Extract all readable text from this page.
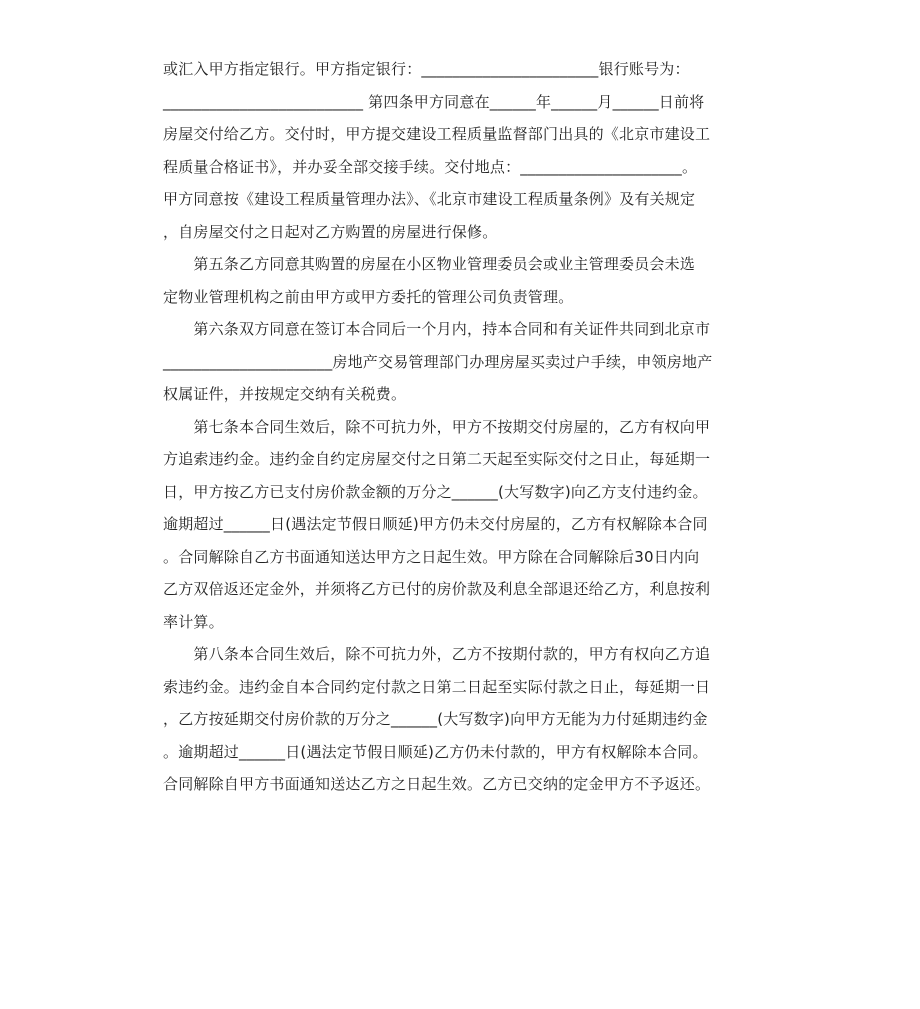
或汇入甲方指定银行。甲方指定银行：_______________________银行账号为：
__________________________ 第四条甲方同意在______年______月______日前将
房屋交付给乙方。交付时，甲方提交建设工程质量监督部门出具的《北京市建设工
程质量合格证书》，并办妥全部交接手续。交付地点：_____________________。
甲方同意按《建设工程质量管理办法》、《北京市建设工程质量条例》及有关规定
，自房屋交付之日起对乙方购置的房屋进行保修。
　　第五条乙方同意其购置的房屋在小区物业管理委员会或业主管理委员会未选
定物业管理机构之前由甲方或甲方委托的管理公司负责管理。
　　第六条双方同意在签订本合同后一个月内，持本合同和有关证件共同到北京市
______________________房地产交易管理部门办理房屋买卖过户手续，申领房地产
权属证件，并按规定交纳有关税费。
　　第七条本合同生效后，除不可抗力外，甲方不按期交付房屋的，乙方有权向甲
方追索违约金。违约金自约定房屋交付之日第二天起至实际交付之日止，每延期一
日，甲方按乙方已支付房价款金额的万分之______(大写数字)向乙方支付违约金。
逾期超过______日(遇法定节假日顺延)甲方仍未交付房屋的，乙方有权解除本合同
。合同解除自乙方书面通知送达甲方之日起生效。甲方除在合同解除后30日内向
乙方双倍返还定金外，并须将乙方已付的房价款及利息全部退还给乙方，利息按利
率计算。
　　第八条本合同生效后，除不可抗力外，乙方不按期付款的，甲方有权向乙方追
索违约金。违约金自本合同约定付款之日第二日起至实际付款之日止，每延期一日
，乙方按延期交付房价款的万分之______(大写数字)向甲方无能为力付延期违约金
。逾期超过______日(遇法定节假日顺延)乙方仍未付款的，甲方有权解除本合同。
合同解除自甲方书面通知送达乙方之日起生效。乙方已交纳的定金甲方不予返还。
